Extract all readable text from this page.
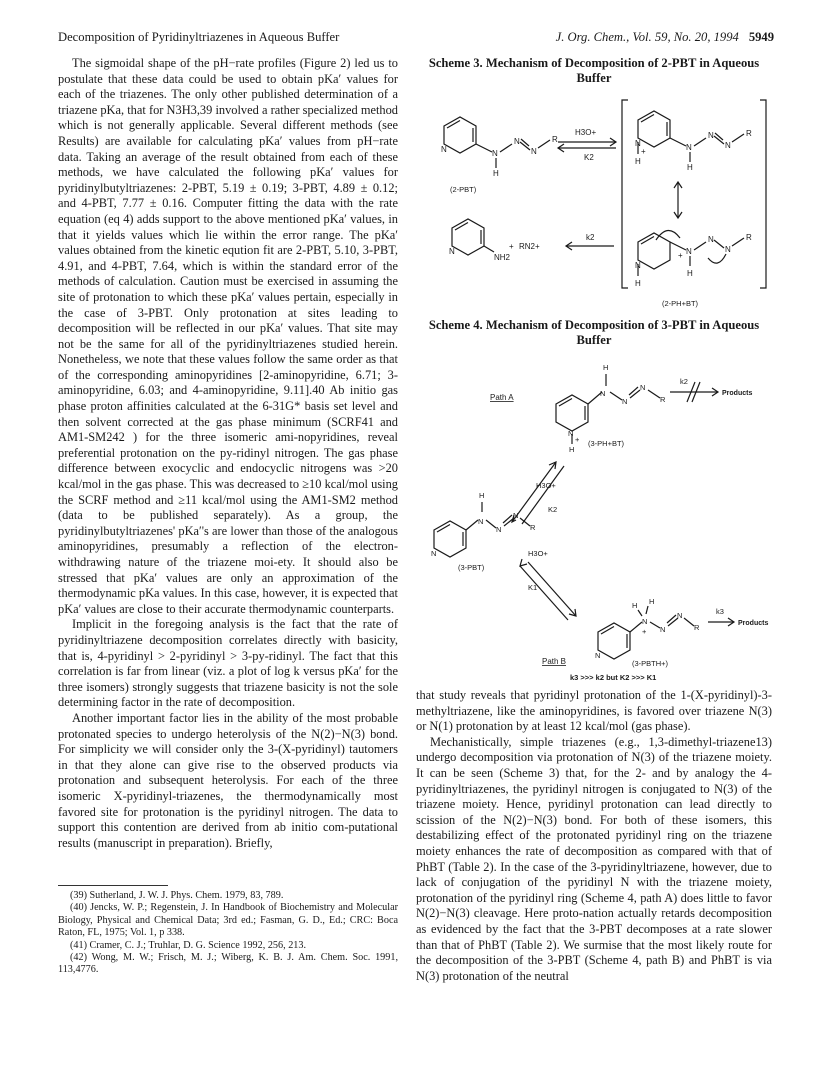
Decomposition of Pyridinyltriazenes in Aqueous Buffer	J. Org. Chem., Vol. 59, No. 20, 1994 5949

The sigmoidal shape of the pH−rate profiles (Figure 2) led us to postulate that these data could be used to obtain pKa′ values for each of the triazenes. The only other published determination of a triazene pKa, that for N3H3,39 involved a rather specialized method which is not generally applicable. Several different methods (see Results) are available for calculating pKa′ values from pH−rate data. Taking an average of the result obtained from each of these methods, we have calculated the following pKa′ values for pyridinylbutyltriazenes: 2-PBT, 5.19 ± 0.19; 3-PBT, 4.89 ± 0.12; and 4-PBT, 7.77 ± 0.16. Computer fitting the data with the rate equation (eq 4) adds support to the above mentioned pKa′ values, in that it yields values which lie within the error range. The pKa′ values obtained from the kinetic eqution fit are 2-PBT, 5.10, 3-PBT, 4.91, and 4-PBT, 7.64, which is within the standard error of the methods of calculation. Caution must be exercised in assuming the site of protonation to which these pKa′ values pertain, especially in the case of 3-PBT. Only protonation at sites leading to decomposition will be reflected in our pKa′ values. That site may not be the same for all of the pyridinyltriazenes studied herein. Nonetheless, we note that these values follow the same order as that of the corresponding aminopyridines [2-aminopyridine, 6.71; 3-aminopyridine, 6.03; and 4-aminopyridine, 9.11].40 Ab initio gas phase proton affinities calculated at the 6-31G* basis set level and then solvent corrected at the gas phase minimum (SCRF41 and AM1-SM242 ) for the three isomeric ami-nopyridines, reveal preferential protonation on the py-ridinyl nitrogen. The gas phase difference between exocyclic and endocyclic nitrogens was >20 kcal/mol in the gas phase. This was decreased to ≥10 kcal/mol using the SCRF method and ≥11 kcal/mol using the AM1-SM2 method (data to be published separately). As a group, the pyridinylbutyltriazenes' pKa′'s are lower than those of the analogous aminopyridines, presumably a reflection of the electron-withdrawing nature of the triazene moi-ety. It should also be stressed that pKa′ values are only an approximation of the thermodynamic pKa values. In this case, however, it is expected that pKa′ values are close to their accurate thermodynamic counterparts.

Implicit in the foregoing analysis is the fact that the rate of pyridinyltriazene decomposition correlates directly with basicity, that is, 4-pyridinyl > 2-pyridinyl > 3-py-ridinyl. The fact that this correlation is far from linear (viz. a plot of log k versus pKa′ for the three isomers) strongly suggests that triazene basicity is not the sole determining factor in the rate of decomposition.

Another important factor lies in the ability of the most probable protonated species to undergo heterolysis of the N(2)−N(3) bond. For simplicity we will consider only the 3-(X-pyridinyl) tautomers in that they alone can give rise to the observed products via protonation and subsequent heterolysis. For each of the three isomeric X-pyridinyl-triazenes, the thermodynamically most favored site for protonation is the pyridinyl nitrogen. The data to support this contention are derived from ab initio com-putational results (manuscript in preparation). Briefly,

(39) Sutherland, J. W. J. Phys. Chem. 1979, 83, 789.

(40) Jencks, W. P.; Regenstein, J. In Handbook of Biochemistry and Molecular Biology, Physical and Chemical Data; 3rd ed.; Fasman, G. D., Ed.; CRC: Boca Raton, FL, 1975; Vol. 1, p 338.

(41) Cramer, C. J.; Truhlar, D. G. Science 1992, 256, 213.

(42) Wong, M. W.; Frisch, M. J.; Wiberg, K. B. J. Am. Chem. Soc. 1991, 113,4776.

Scheme 3. Mechanism of Decomposition of 2-PBT in Aqueous Buffer
N	N
N
N
R
H
H3O+
K2
N	N
N
N
R
+
H
H
N
N
N
N
R
+
H
H
k2
+ RN2+
N
NH2
(2-PBT)
(2-PH+BT)
Scheme 4. Mechanism of Decomposition of 3-PBT in Aqueous Buffer
H
N
N
N
R
N
+
H
k2
Products
H3O+
K2
H
N
N
N
R
N	H3O+
K1
H H
N
+ N
N
R
N
k3
Products
Path A
Path B
(3-PH+BT)
(3-PBT)
(3-PBTH+)
k3 >>> k2 but K2 >>> K1

that study reveals that pyridinyl protonation of the 1-(X-pyridinyl)-3-methyltriazene, like the aminopyridines, is favored over triazene N(3) or N(1) protonation by at least 12 kcal/mol (gas phase).

Mechanistically, simple triazenes (e.g., 1,3-dimethyl-triazene13) undergo decomposition via protonation of N(3) of the triazene moiety. It can be seen (Scheme 3) that, for the 2- and by analogy the 4-pyridinyltriazenes, the pyridinyl nitrogen is conjugated to N(3) of the triazene moiety. Hence, pyridinyl protonation can lead directly to scission of the N(2)−N(3) bond. For both of these isomers, this destabilizing effect of the protonated pyridinyl ring on the triazene moiety enhances the rate of decomposition as compared with that of PhBT (Table 2). In the case of the 3-pyridinyltriazene, however, due to lack of conjugation of the pyridinyl N with the triazene moiety, protonation of the pyridinyl ring (Scheme 4, path A) does little to favor N(2)−N(3) cleavage. Here proto-nation actually retards decomposition as evidenced by the fact that the 3-PBT decomposes at a rate slower than that of PhBT (Table 2). We surmise that the most likely route for the decomposition of the 3-PBT (Scheme 4, path B) and PhBT is via N(3) protonation of the neutral
